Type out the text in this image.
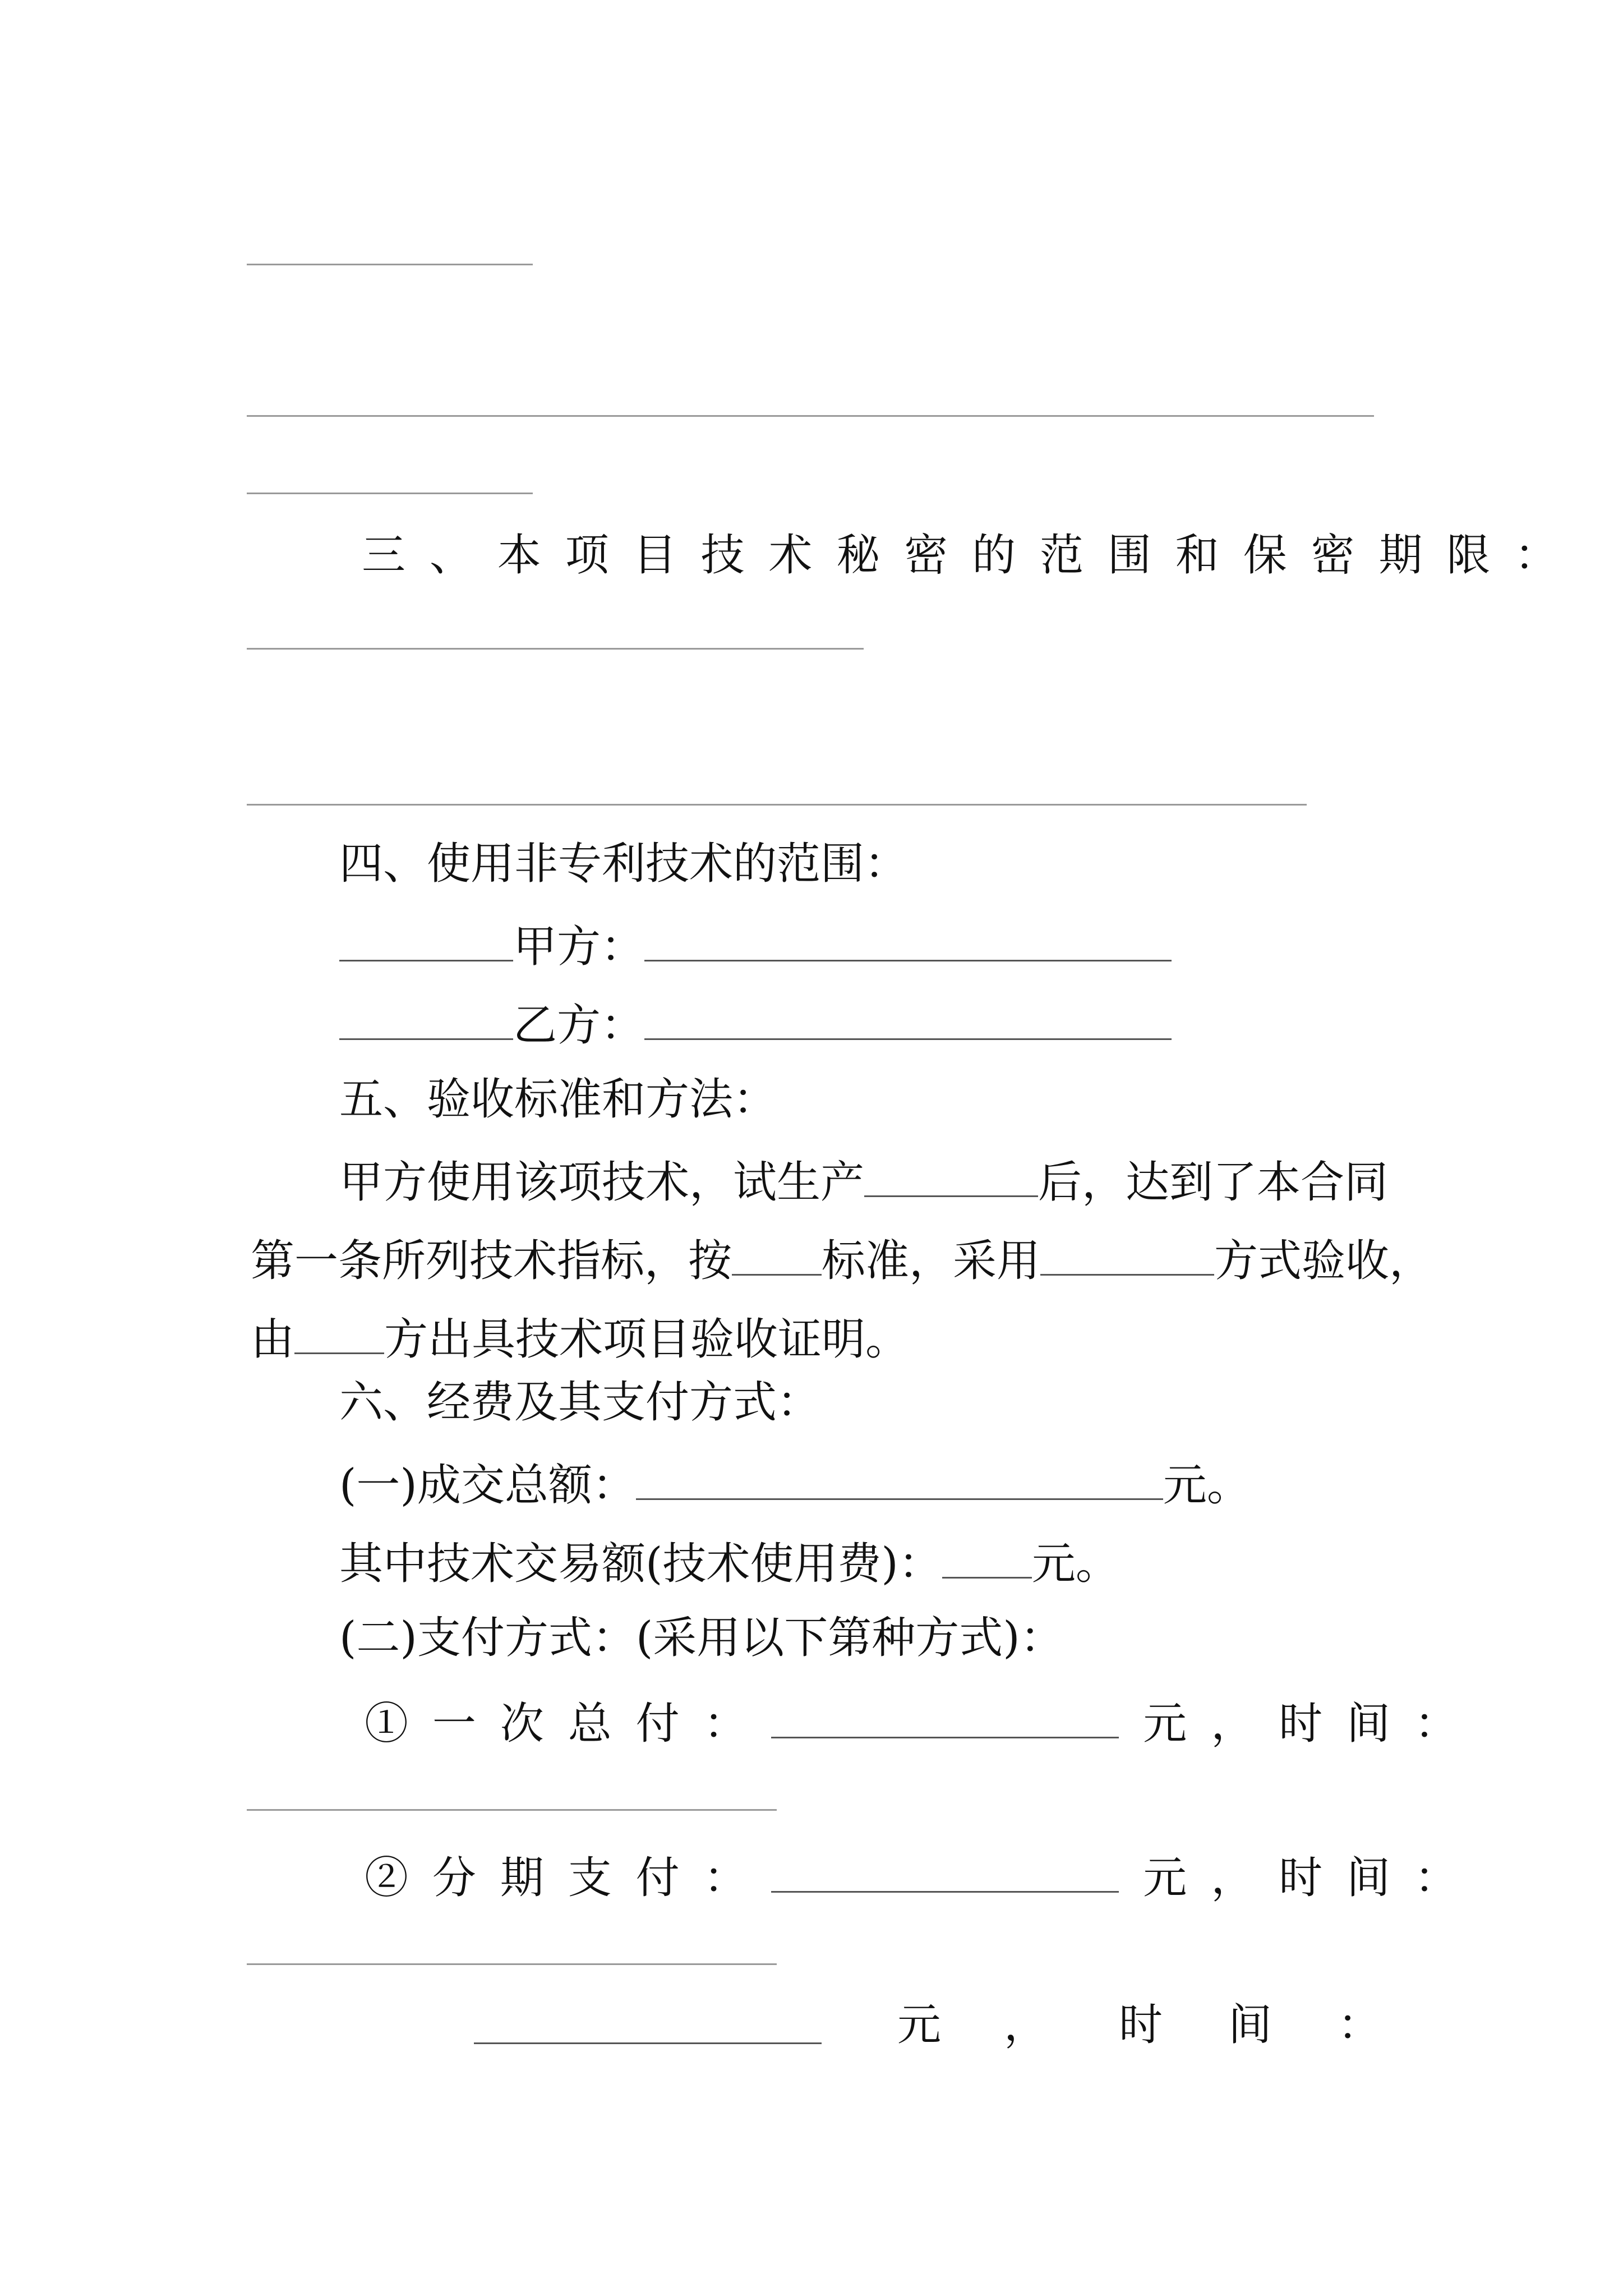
三、本项目技术秘密的范围和保密期限：
四、使用非专利技术的范围：
甲方：
乙方：
五、验收标准和方法：
甲方使用该项技术，试生产	后，达到了本合同
第一条所列技术指标，按 标准，采用	方式验收，
由 方出具技术项目验收证明。
六、经费及其支付方式：
(一)成交总额：	元。
其中技术交易额(技术使用费)： 元。
(二)支付方式：(采用以下第种方式)：
①一次总付：	元，时间：
②分期支付：	元，时间：
元 ， 时 间 ：
